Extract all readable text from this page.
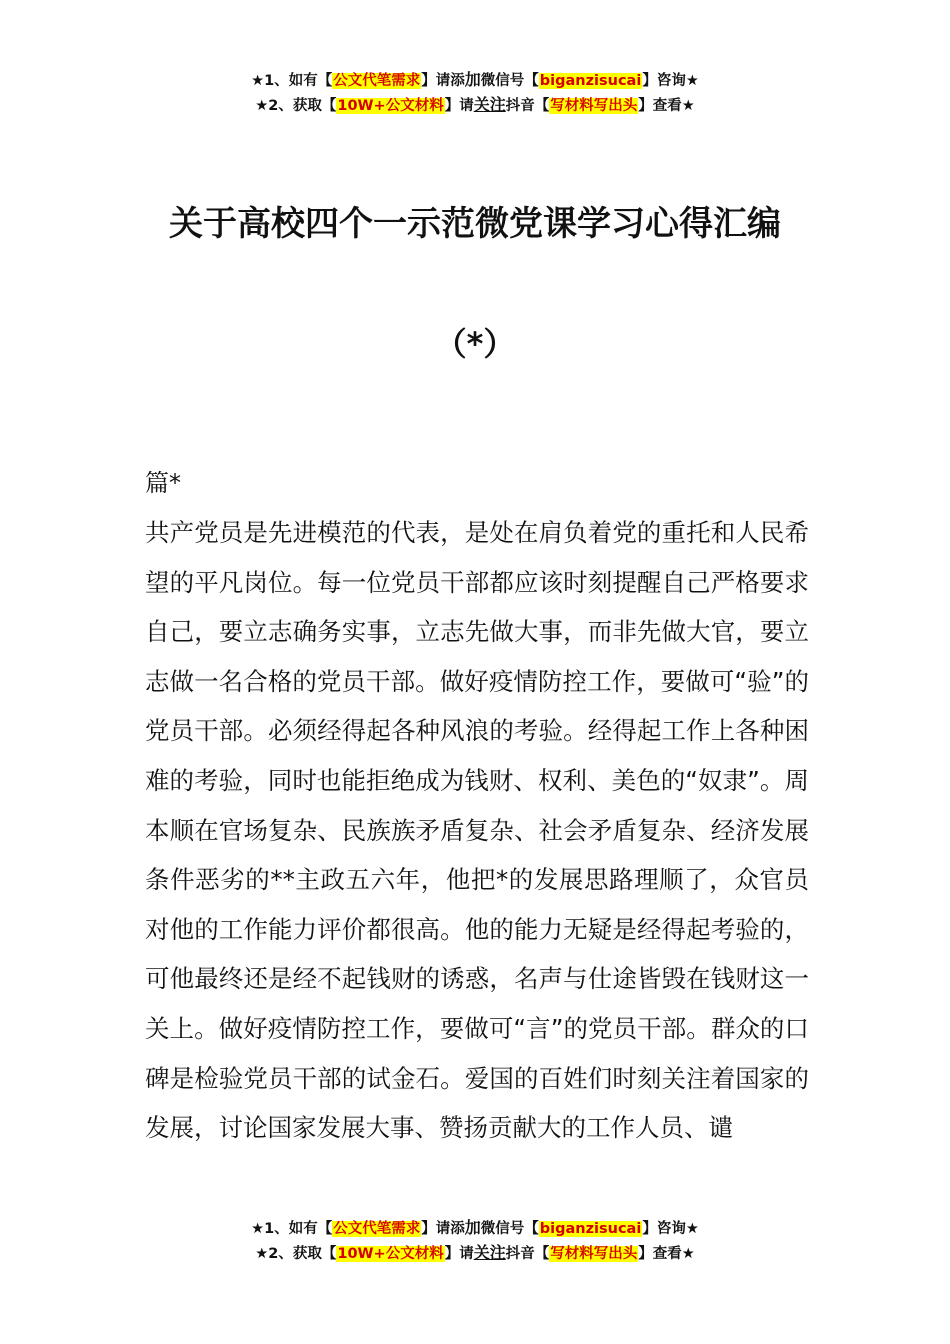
★1、如有【公文代笔需求】请添加微信号【biganzisucai】咨询★
★2、获取【10W+公文材料】请关注抖音【写材料写出头】查看★
关于高校四个一示范微党课学习心得汇编
（*）
篇*

共产党员是先进模范的代表，是处在肩负着党的重托和人民希望的平凡岗位。每一位党员干部都应该时刻提醒自己严格要求自己，要立志确务实事，立志先做大事，而非先做大官，要立志做一名合格的党员干部。做好疫情防控工作，要做可“验”的党员干部。必须经得起各种风浪的考验。经得起工作上各种困难的考验，同时也能拒绝成为钱财、权利、美色的“奴隶”。周本顺在官场复杂、民族族矛盾复杂、社会矛盾复杂、经济发展条件恶劣的**主政五六年，他把*的发展思路理顺了，众官员对他的工作能力评价都很高。他的能力无疑是经得起考验的，可他最终还是经不起钱财的诱惑，名声与仕途皆毁在钱财这一关上。做好疫情防控工作，要做可“言”的党员干部。群众的口碑是检验党员干部的试金石。爱国的百姓们时刻关注着国家的发展，讨论国家发展大事、赞扬贡献大的工作人员、谴

★1、如有【公文代笔需求】请添加微信号【biganzisucai】咨询★
★2、获取【10W+公文材料】请关注抖音【写材料写出头】查看★
